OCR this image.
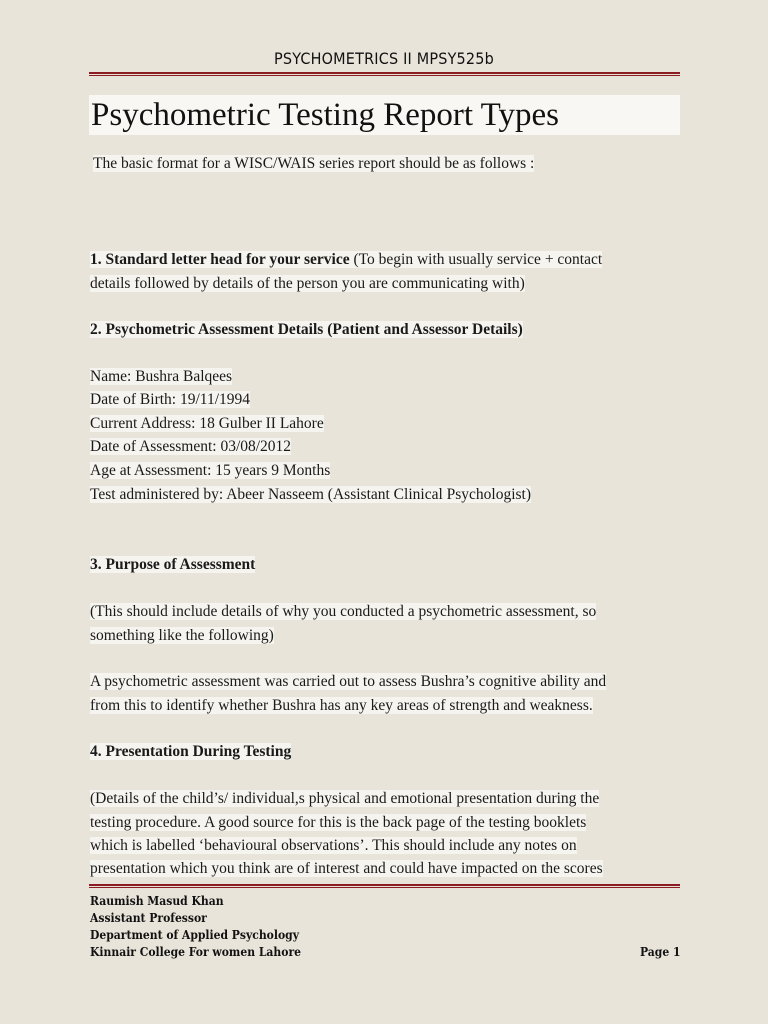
PSYCHOMETRICS II MPSY525b
Psychometric Testing Report Types
The basic format for a WISC/WAIS series report should be as follows :
1. Standard letter head for your service (To begin with usually service + contact
details followed by details of the person you are communicating with)
2. Psychometric Assessment Details (Patient and Assessor Details)
Name: Bushra Balqees
Date of Birth: 19/11/1994
Current Address: 18 Gulber II Lahore
Date of Assessment: 03/08/2012
Age at Assessment: 15 years 9 Months
Test administered by: Abeer Nasseem (Assistant Clinical Psychologist)
3. Purpose of Assessment
(This should include details of why you conducted a psychometric assessment, so
something like the following)
A psychometric assessment was carried out to assess Bushra’s cognitive ability and
from this to identify whether Bushra has any key areas of strength and weakness.
4. Presentation During Testing
(Details of the child’s/ individual,s physical and emotional presentation during the
testing procedure. A good source for this is the back page of the testing booklets
which is labelled ‘behavioural observations’. This should include any notes on
presentation which you think are of interest and could have impacted on the scores
Raumish Masud Khan
Assistant Professor
Department of Applied Psychology
Kinnair College For women Lahore	Page 1
